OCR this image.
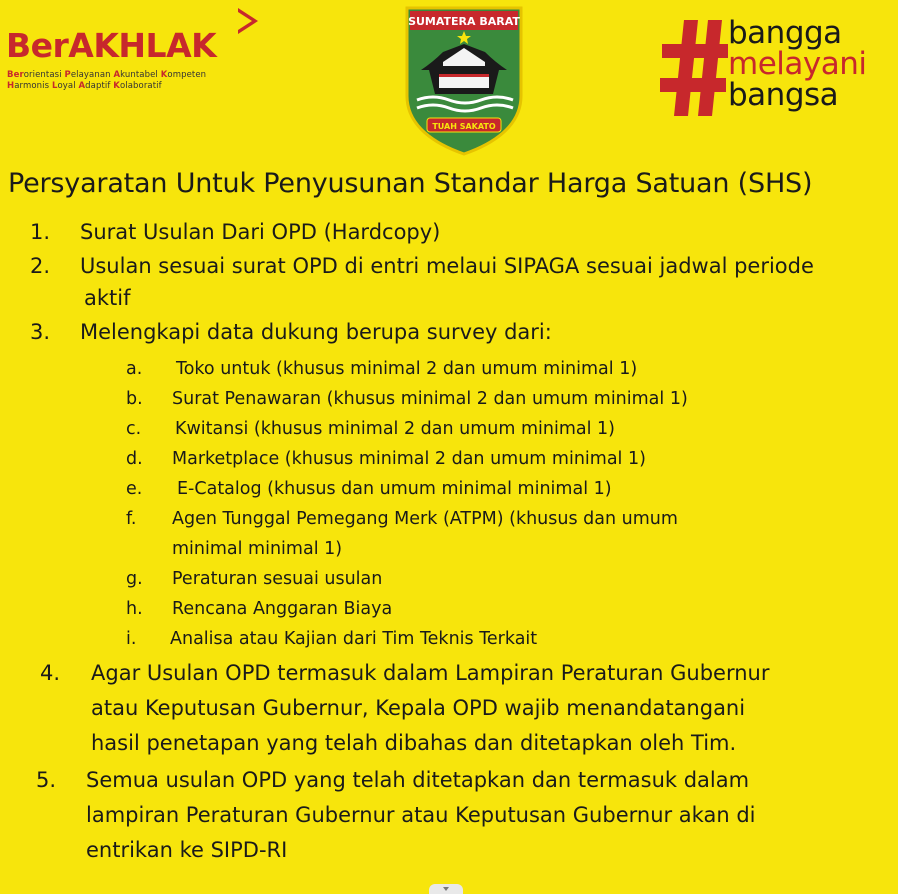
BerAKHLAK
Berorientasi Pelayanan Akuntabel Kompeten
Harmonis Loyal Adaptif Kolaboratif
SUMATERA BARAT
TUAH SAKATO
bangga
melayani
bangsa
Persyaratan Untuk Penyusunan Standar Harga Satuan (SHS)
1. Surat Usulan Dari OPD (Hardcopy)
2. Usulan sesuai surat OPD di entri melaui SIPAGA sesuai jadwal periode
aktif
3. Melengkapi data dukung berupa survey dari:
a. Toko untuk (khusus minimal 2 dan umum minimal 1)
b. Surat Penawaran (khusus minimal 2 dan umum minimal 1)
c. Kwitansi (khusus minimal 2 dan umum minimal 1)
d. Marketplace (khusus minimal 2 dan umum minimal 1)
e. E-Catalog (khusus dan umum minimal minimal 1)
f. Agen Tunggal Pemegang Merk (ATPM) (khusus dan umum
minimal minimal 1)
g. Peraturan sesuai usulan
h. Rencana Anggaran Biaya
i. Analisa atau Kajian dari Tim Teknis Terkait
4. Agar Usulan OPD termasuk dalam Lampiran Peraturan Gubernur
atau Keputusan Gubernur, Kepala OPD wajib menandatangani
hasil penetapan yang telah dibahas dan ditetapkan oleh Tim.
5. Semua usulan OPD yang telah ditetapkan dan termasuk dalam
lampiran Peraturan Gubernur atau Keputusan Gubernur akan di
entrikan ke SIPD-RI
